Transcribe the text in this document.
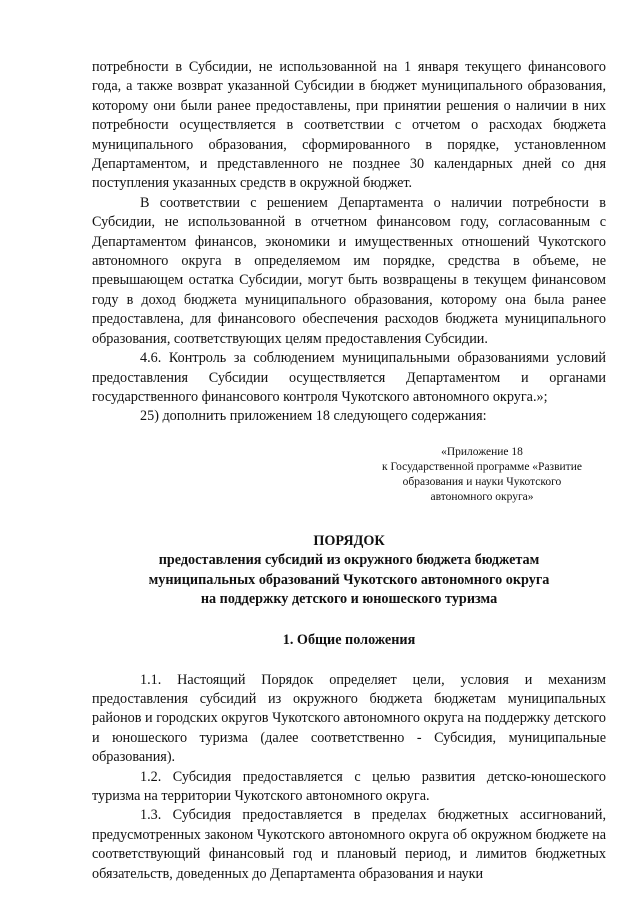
потребности в Субсидии, не использованной на 1 января текущего финансового года, а также возврат указанной Субсидии в бюджет муниципального образования, которому они были ранее предоставлены, при принятии решения о наличии в них потребности осуществляется в соответствии с отчетом о расходах бюджета муниципального образования, сформированного в порядке, установленном Департаментом, и представленного не позднее 30 календарных дней со дня поступления указанных средств в окружной бюджет.

В соответствии с решением Департамента о наличии потребности в Субсидии, не использованной в отчетном финансовом году, согласованным с Департаментом финансов, экономики и имущественных отношений Чукотского автономного округа в определяемом им порядке, средства в объеме, не превышающем остатка Субсидии, могут быть возвращены в текущем финансовом году в доход бюджета муниципального образования, которому она была ранее предоставлена, для финансового обеспечения расходов бюджета муниципального образования, соответствующих целям предоставления Субсидии.

4.6. Контроль за соблюдением муниципальными образованиями условий предоставления Субсидии осуществляется Департаментом и органами государственного финансового контроля Чукотского автономного округа.»;

25) дополнить приложением 18 следующего содержания:

«Приложение 18
к Государственной программе «Развитие
образования и науки Чукотского
автономного округа»
ПОРЯДОК
предоставления субсидий из окружного бюджета бюджетам
муниципальных образований Чукотского автономного округа
на поддержку детского и юношеского туризма
1. Общие положения

1.1. Настоящий Порядок определяет цели, условия и механизм предоставления субсидий из окружного бюджета бюджетам муниципальных районов и городских округов Чукотского автономного округа на поддержку детского и юношеского туризма (далее соответственно - Субсидия, муниципальные образования).

1.2. Субсидия предоставляется с целью развития детско-юношеского туризма на территории Чукотского автономного округа.

1.3. Субсидия предоставляется в пределах бюджетных ассигнований, предусмотренных законом Чукотского автономного округа об окружном бюджете на соответствующий финансовый год и плановый период, и лимитов бюджетных обязательств, доведенных до Департамента образования и науки
